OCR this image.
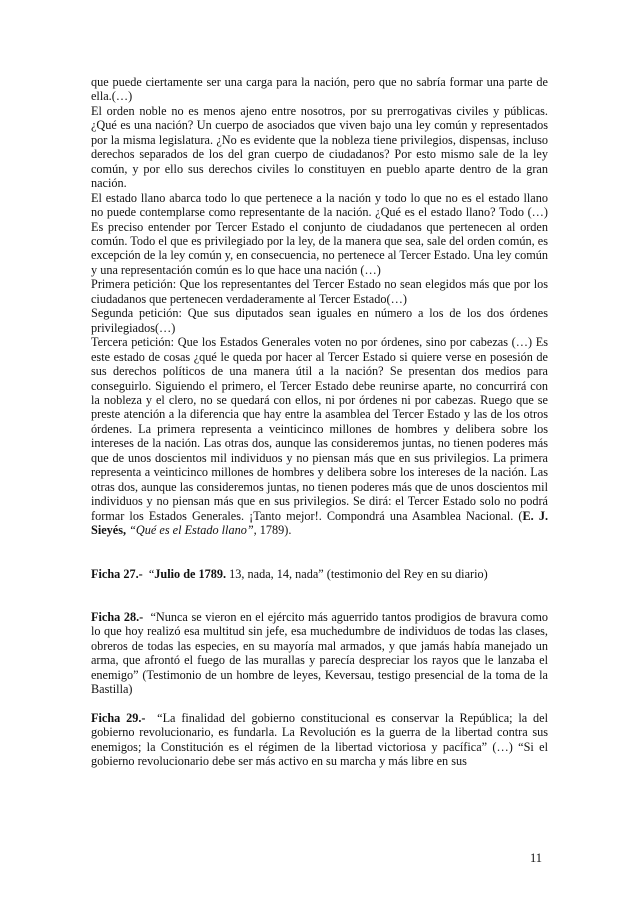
que puede ciertamente ser una carga para la nación, pero que no sabría formar una parte de ella.(…)

El orden noble no es menos ajeno entre nosotros, por su prerrogativas civiles y públicas. ¿Qué es una nación? Un cuerpo de asociados que viven bajo una ley común y representados por la misma legislatura. ¿No es evidente que la nobleza tiene privilegios, dispensas, incluso derechos separados de los del gran cuerpo de ciudadanos? Por esto mismo sale de la ley común, y por ello sus derechos civiles lo constituyen en pueblo aparte dentro de la gran nación.

El estado llano abarca todo lo que pertenece a la nación y todo lo que no es el estado llano no puede contemplarse como representante de la nación. ¿Qué es el estado llano? Todo (…) Es preciso entender por Tercer Estado el conjunto de ciudadanos que pertenecen al orden común. Todo el que es privilegiado por la ley, de la manera que sea, sale del orden común, es excepción de la ley común y, en consecuencia, no pertenece al Tercer Estado. Una ley común y una representación común es lo que hace una nación (…)

Primera petición: Que los representantes del Tercer Estado no sean elegidos más que por los ciudadanos que pertenecen verdaderamente al Tercer Estado(…)

Segunda petición: Que sus diputados sean iguales en número a los de los dos órdenes privilegiados(…)

Tercera petición: Que los Estados Generales voten no por órdenes, sino por cabezas (…) Es este estado de cosas ¿qué le queda por hacer al Tercer Estado si quiere verse en posesión de sus derechos políticos de una manera útil a la nación? Se presentan dos medios para conseguirlo. Siguiendo el primero, el Tercer Estado debe reunirse aparte, no concurrirá con la nobleza y el clero, no se quedará con ellos, ni por órdenes ni por cabezas. Ruego que se preste atención a la diferencia que hay entre la asamblea del Tercer Estado y las de los otros órdenes. La primera representa a veinticinco millones de hombres y delibera sobre los intereses de la nación. Las otras dos, aunque las consideremos juntas, no tienen poderes más que de unos doscientos mil individuos y no piensan más que en sus privilegios. La primera representa a veinticinco millones de hombres y delibera sobre los intereses de la nación. Las otras dos, aunque las consideremos juntas, no tienen poderes más que de unos doscientos mil individuos y no piensan más que en sus privilegios. Se dirá: el Tercer Estado solo no podrá formar los Estados Generales. ¡Tanto mejor!. Compondrá una Asamblea Nacional. (E. J. Sieyés, “Qué es el Estado llano”, 1789).

Ficha 27.- “Julio de 1789. 13, nada, 14, nada” (testimonio del Rey en su diario)

Ficha 28.- “Nunca se vieron en el ejército más aguerrido tantos prodigios de bravura como lo que hoy realizó esa multitud sin jefe, esa muchedumbre de individuos de todas las clases, obreros de todas las especies, en su mayoría mal armados, y que jamás había manejado un arma, que afrontó el fuego de las murallas y parecía despreciar los rayos que le lanzaba el enemigo” (Testimonio de un hombre de leyes, Keversau, testigo presencial de la toma de la Bastilla)

Ficha 29.- “La finalidad del gobierno constitucional es conservar la República; la del gobierno revolucionario, es fundarla. La Revolución es la guerra de la libertad contra sus enemigos; la Constitución es el régimen de la libertad victoriosa y pacífica” (…) “Si el gobierno revolucionario debe ser más activo en su marcha y más libre en sus

11
